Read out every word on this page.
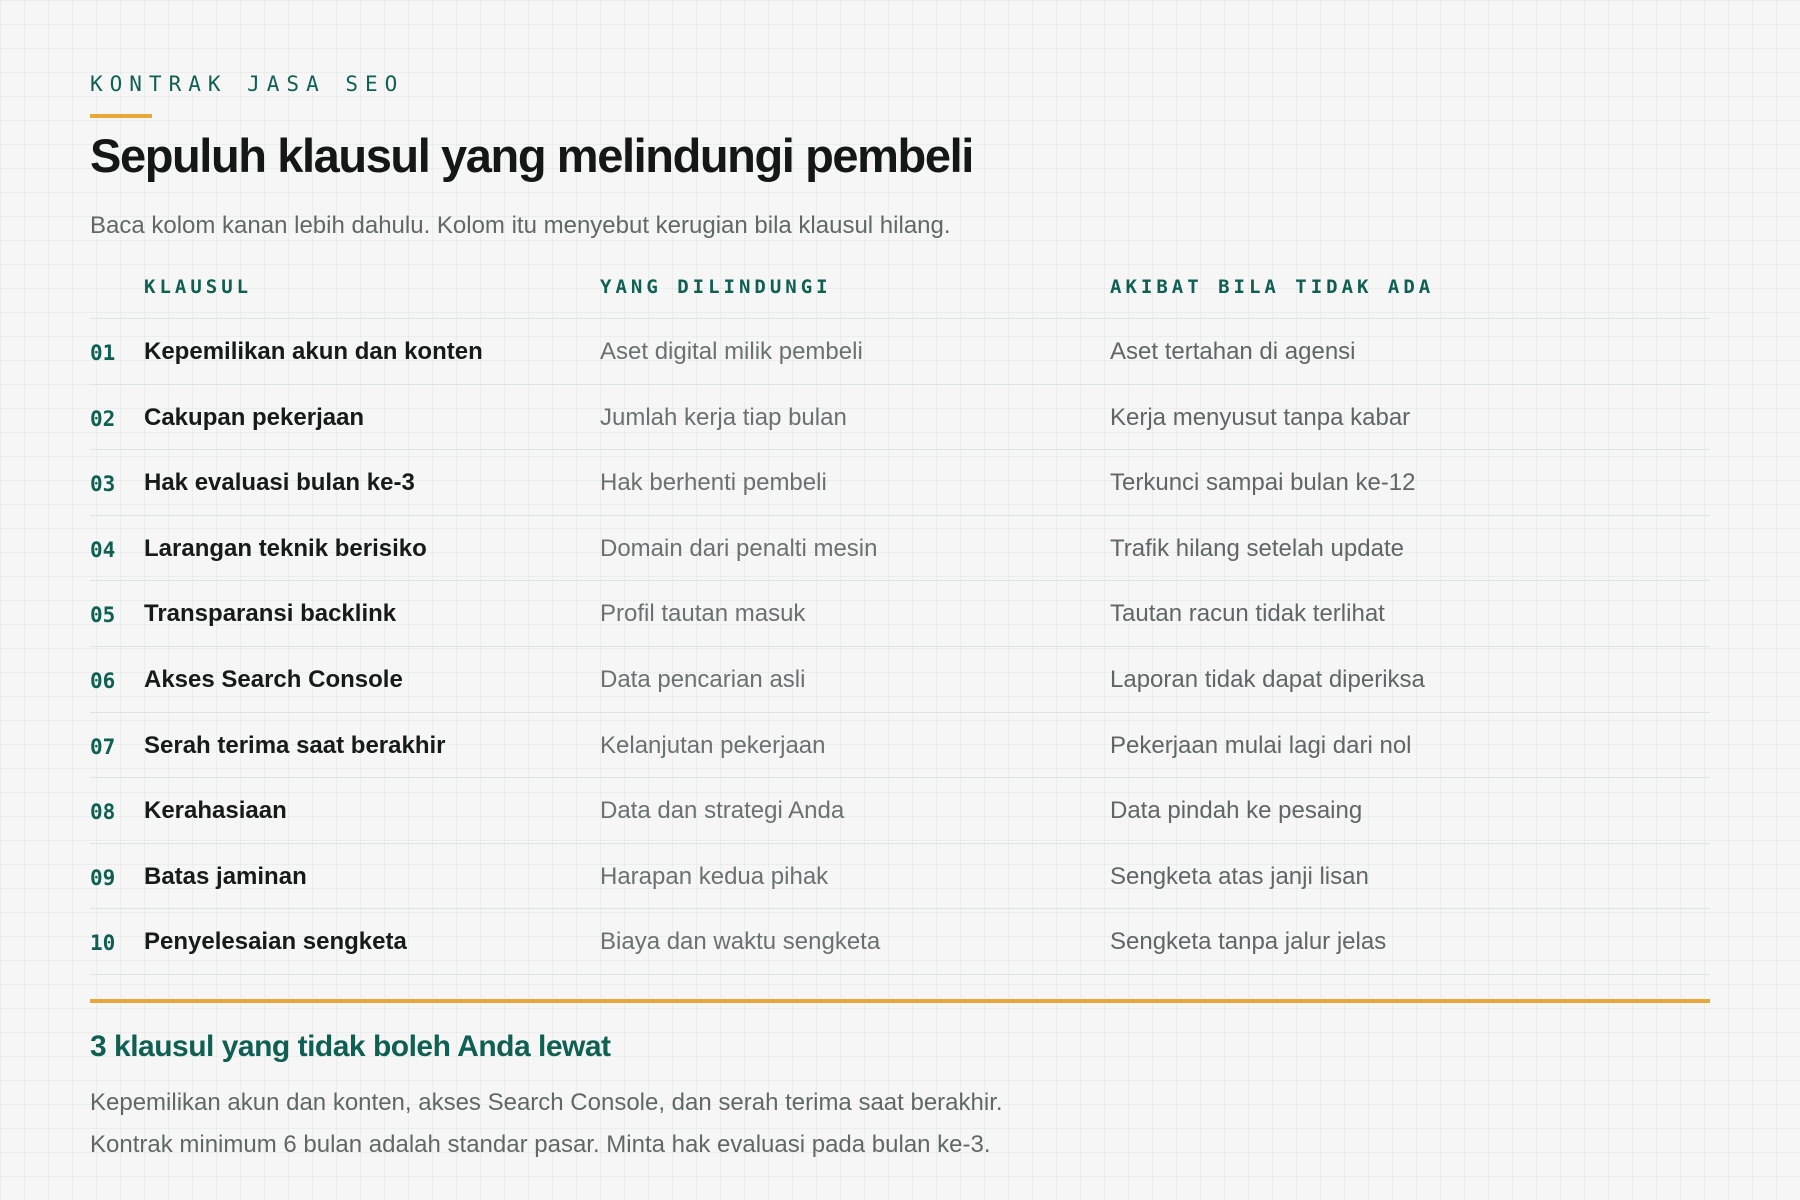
KONTRAK JASA SEO
Sepuluh klausul yang melindungi pembeli
Baca kolom kanan lebih dahulu. Kolom itu menyebut kerugian bila klausul hilang.
KLAUSUL	YANG DILINDUNGI	AKIBAT BILA TIDAK ADA
01 Kepemilikan akun dan konten	Aset digital milik pembeli	Aset tertahan di agensi
02 Cakupan pekerjaan	Jumlah kerja tiap bulan	Kerja menyusut tanpa kabar
03 Hak evaluasi bulan ke-3	Hak berhenti pembeli	Terkunci sampai bulan ke-12
04 Larangan teknik berisiko	Domain dari penalti mesin	Trafik hilang setelah update
05 Transparansi backlink	Profil tautan masuk	Tautan racun tidak terlihat
06 Akses Search Console	Data pencarian asli	Laporan tidak dapat diperiksa
07 Serah terima saat berakhir	Kelanjutan pekerjaan	Pekerjaan mulai lagi dari nol
08 Kerahasiaan	Data dan strategi Anda	Data pindah ke pesaing
09 Batas jaminan	Harapan kedua pihak	Sengketa atas janji lisan
10 Penyelesaian sengketa	Biaya dan waktu sengketa	Sengketa tanpa jalur jelas
3 klausul yang tidak boleh Anda lewat
Kepemilikan akun dan konten, akses Search Console, dan serah terima saat berakhir.
Kontrak minimum 6 bulan adalah standar pasar. Minta hak evaluasi pada bulan ke-3.
